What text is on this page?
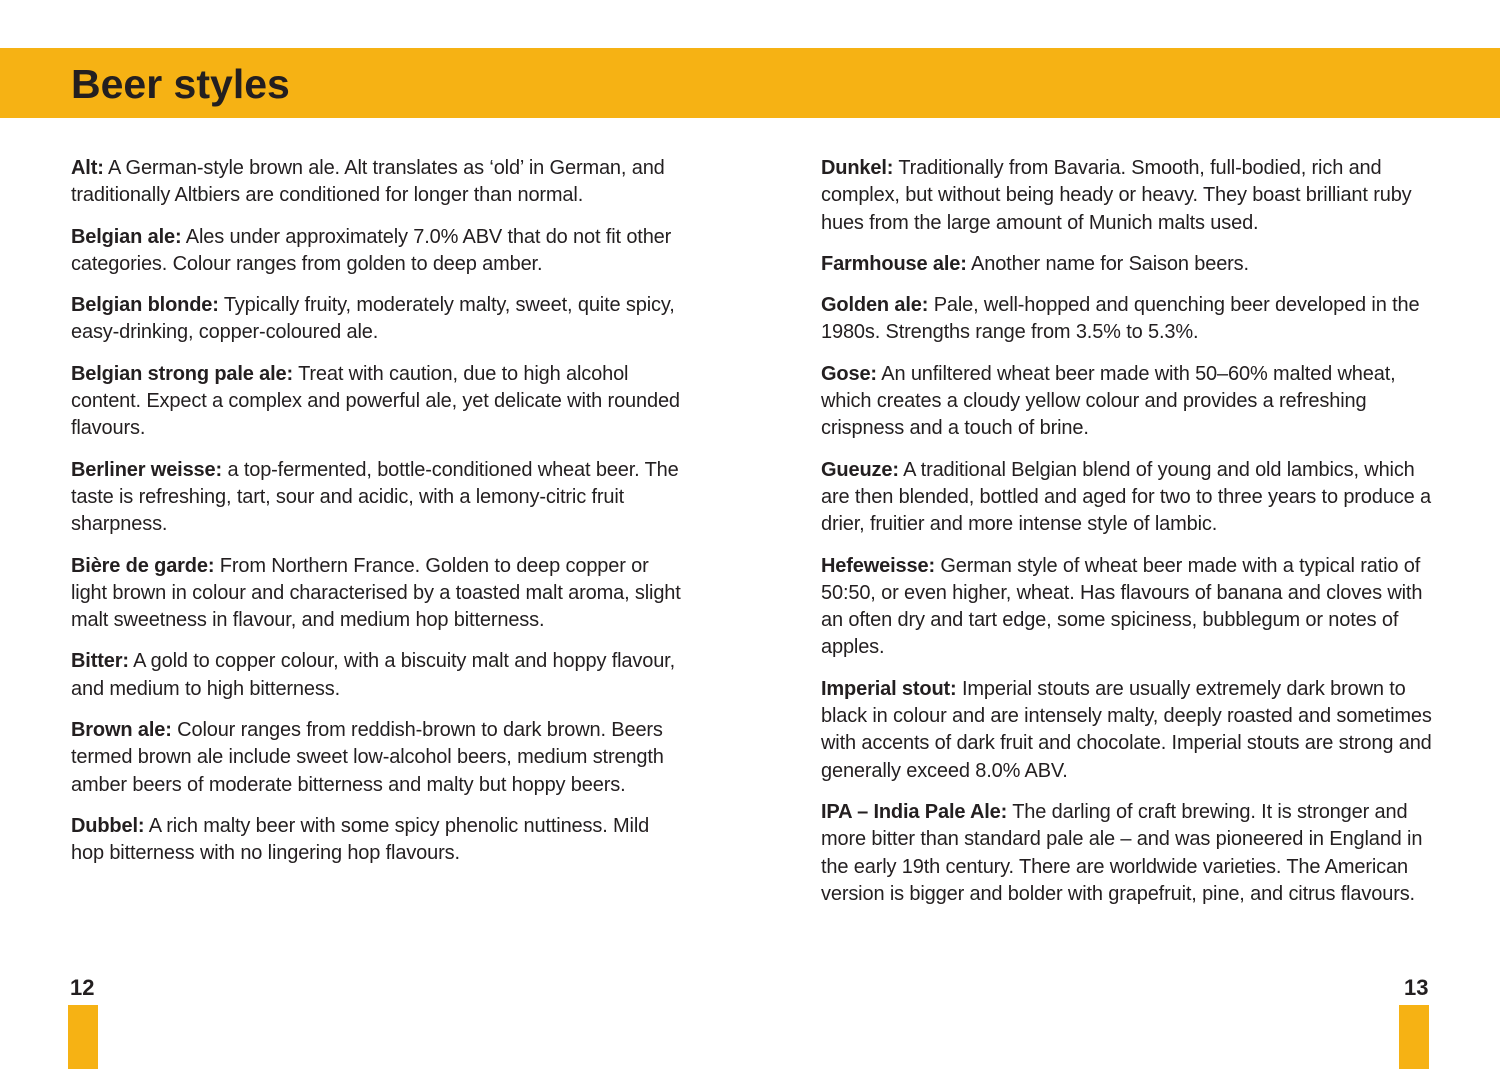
Beer styles

Alt: A German-style brown ale. Alt translates as ‘old’ in German, and traditionally Altbiers are conditioned for longer than normal.

Belgian ale: Ales under approximately 7.0% ABV that do not fit other categories. Colour ranges from golden to deep amber.

Belgian blonde: Typically fruity, moderately malty, sweet, quite spicy, easy-drinking, copper-coloured ale.

Belgian strong pale ale: Treat with caution, due to high alcohol content. Expect a complex and powerful ale, yet delicate with rounded flavours.

Berliner weisse: a top-fermented, bottle-conditioned wheat beer. The taste is refreshing, tart, sour and acidic, with a lemony-citric fruit sharpness.

Bière de garde: From Northern France. Golden to deep copper or light brown in colour and characterised by a toasted malt aroma, slight malt sweetness in flavour, and medium hop bitterness.

Bitter: A gold to copper colour, with a biscuity malt and hoppy flavour, and medium to high bitterness.

Brown ale: Colour ranges from reddish-brown to dark brown. Beers termed brown ale include sweet low-alcohol beers, medium strength amber beers of moderate bitterness and malty but hoppy beers.

Dubbel: A rich malty beer with some spicy phenolic nuttiness. Mild hop bitterness with no lingering hop flavours.

Dunkel: Traditionally from Bavaria. Smooth, full-bodied, rich and complex, but without being heady or heavy. They boast brilliant ruby hues from the large amount of Munich malts used.

Farmhouse ale: Another name for Saison beers.

Golden ale: Pale, well-hopped and quenching beer developed in the 1980s. Strengths range from 3.5% to 5.3%.

Gose: An unfiltered wheat beer made with 50–60% malted wheat, which creates a cloudy yellow colour and provides a refreshing crispness and a touch of brine.

Gueuze: A traditional Belgian blend of young and old lambics, which are then blended, bottled and aged for two to three years to produce a drier, fruitier and more intense style of lambic.

Hefeweisse: German style of wheat beer made with a typical ratio of 50:50, or even higher, wheat. Has flavours of banana and cloves with an often dry and tart edge, some spiciness, bubblegum or notes of apples.

Imperial stout: Imperial stouts are usually extremely dark brown to black in colour and are intensely malty, deeply roasted and sometimes with accents of dark fruit and chocolate. Imperial stouts are strong and generally exceed 8.0% ABV.

IPA – India Pale Ale: The darling of craft brewing. It is stronger and more bitter than standard pale ale – and was pioneered in England in the early 19th century. There are worldwide varieties. The American version is bigger and bolder with grapefruit, pine, and citrus flavours.

12	13
